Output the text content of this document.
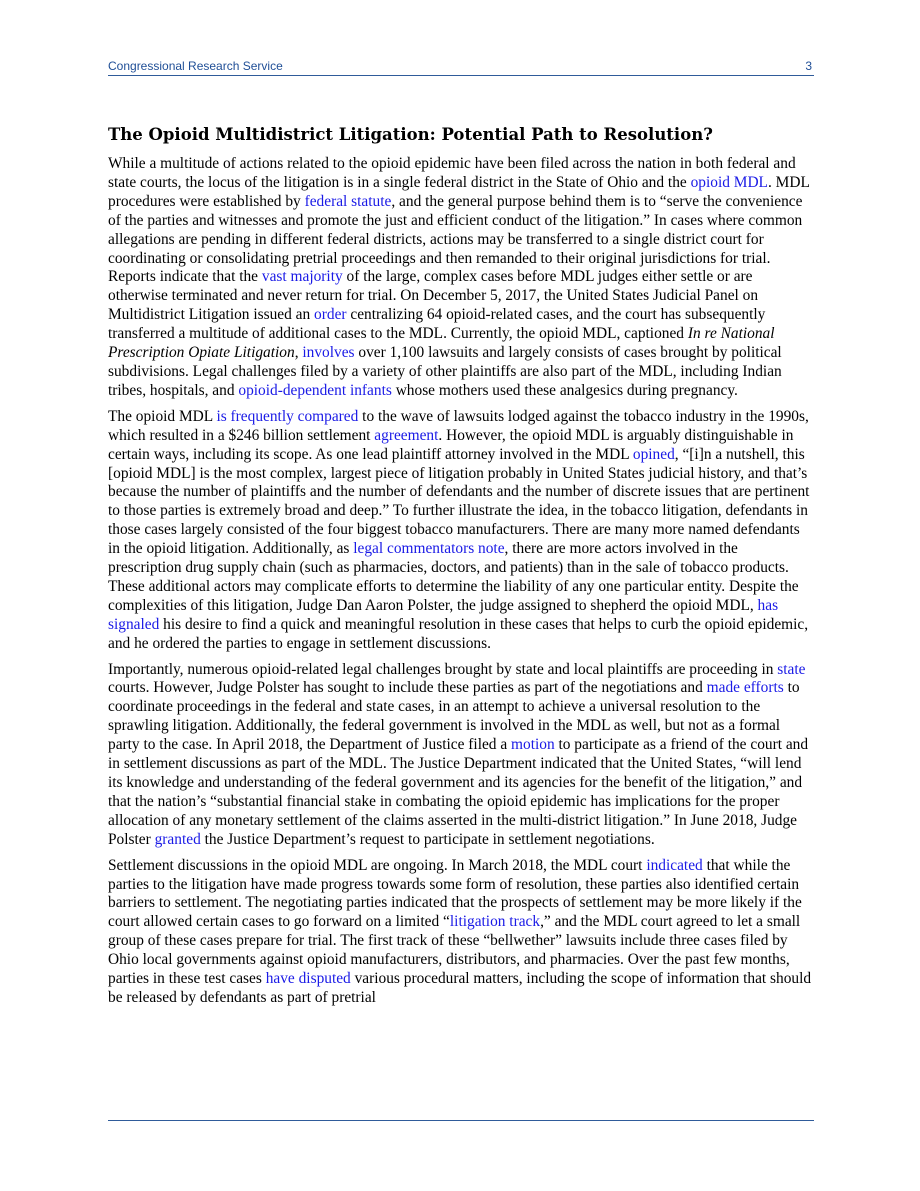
Congressional Research Service	3
The Opioid Multidistrict Litigation: Potential Path to Resolution?

While a multitude of actions related to the opioid epidemic have been filed across the nation in both federal and state courts, the locus of the litigation is in a single federal district in the State of Ohio and the opioid MDL. MDL procedures were established by federal statute, and the general purpose behind them is to “serve the convenience of the parties and witnesses and promote the just and efficient conduct of the litigation.” In cases where common allegations are pending in different federal districts, actions may be transferred to a single district court for coordinating or consolidating pretrial proceedings and then remanded to their original jurisdictions for trial. Reports indicate that the vast majority of the large, complex cases before MDL judges either settle or are otherwise terminated and never return for trial. On December 5, 2017, the United States Judicial Panel on Multidistrict Litigation issued an order centralizing 64 opioid-related cases, and the court has subsequently transferred a multitude of additional cases to the MDL. Currently, the opioid MDL, captioned In re National Prescription Opiate Litigation, involves over 1,100 lawsuits and largely consists of cases brought by political subdivisions. Legal challenges filed by a variety of other plaintiffs are also part of the MDL, including Indian tribes, hospitals, and opioid-dependent infants whose mothers used these analgesics during pregnancy.

The opioid MDL is frequently compared to the wave of lawsuits lodged against the tobacco industry in the 1990s, which resulted in a $246 billion settlement agreement. However, the opioid MDL is arguably distinguishable in certain ways, including its scope. As one lead plaintiff attorney involved in the MDL opined, “[i]n a nutshell, this [opioid MDL] is the most complex, largest piece of litigation probably in United States judicial history, and that’s because the number of plaintiffs and the number of defendants and the number of discrete issues that are pertinent to those parties is extremely broad and deep.” To further illustrate the idea, in the tobacco litigation, defendants in those cases largely consisted of the four biggest tobacco manufacturers. There are many more named defendants in the opioid litigation. Additionally, as legal commentators note, there are more actors involved in the prescription drug supply chain (such as pharmacies, doctors, and patients) than in the sale of tobacco products. These additional actors may complicate efforts to determine the liability of any one particular entity. Despite the complexities of this litigation, Judge Dan Aaron Polster, the judge assigned to shepherd the opioid MDL, has signaled his desire to find a quick and meaningful resolution in these cases that helps to curb the opioid epidemic, and he ordered the parties to engage in settlement discussions.

Importantly, numerous opioid-related legal challenges brought by state and local plaintiffs are proceeding in state courts. However, Judge Polster has sought to include these parties as part of the negotiations and made efforts to coordinate proceedings in the federal and state cases, in an attempt to achieve a universal resolution to the sprawling litigation. Additionally, the federal government is involved in the MDL as well, but not as a formal party to the case. In April 2018, the Department of Justice filed a motion to participate as a friend of the court and in settlement discussions as part of the MDL. The Justice Department indicated that the United States, “will lend its knowledge and understanding of the federal government and its agencies for the benefit of the litigation,” and that the nation’s “substantial financial stake in combating the opioid epidemic has implications for the proper allocation of any monetary settlement of the claims asserted in the multi-district litigation.” In June 2018, Judge Polster granted the Justice Department’s request to participate in settlement negotiations.

Settlement discussions in the opioid MDL are ongoing. In March 2018, the MDL court indicated that while the parties to the litigation have made progress towards some form of resolution, these parties also identified certain barriers to settlement. The negotiating parties indicated that the prospects of settlement may be more likely if the court allowed certain cases to go forward on a limited “litigation track,” and the MDL court agreed to let a small group of these cases prepare for trial. The first track of these “bellwether” lawsuits include three cases filed by Ohio local governments against opioid manufacturers, distributors, and pharmacies. Over the past few months, parties in these test cases have disputed various procedural matters, including the scope of information that should be released by defendants as part of pretrial
